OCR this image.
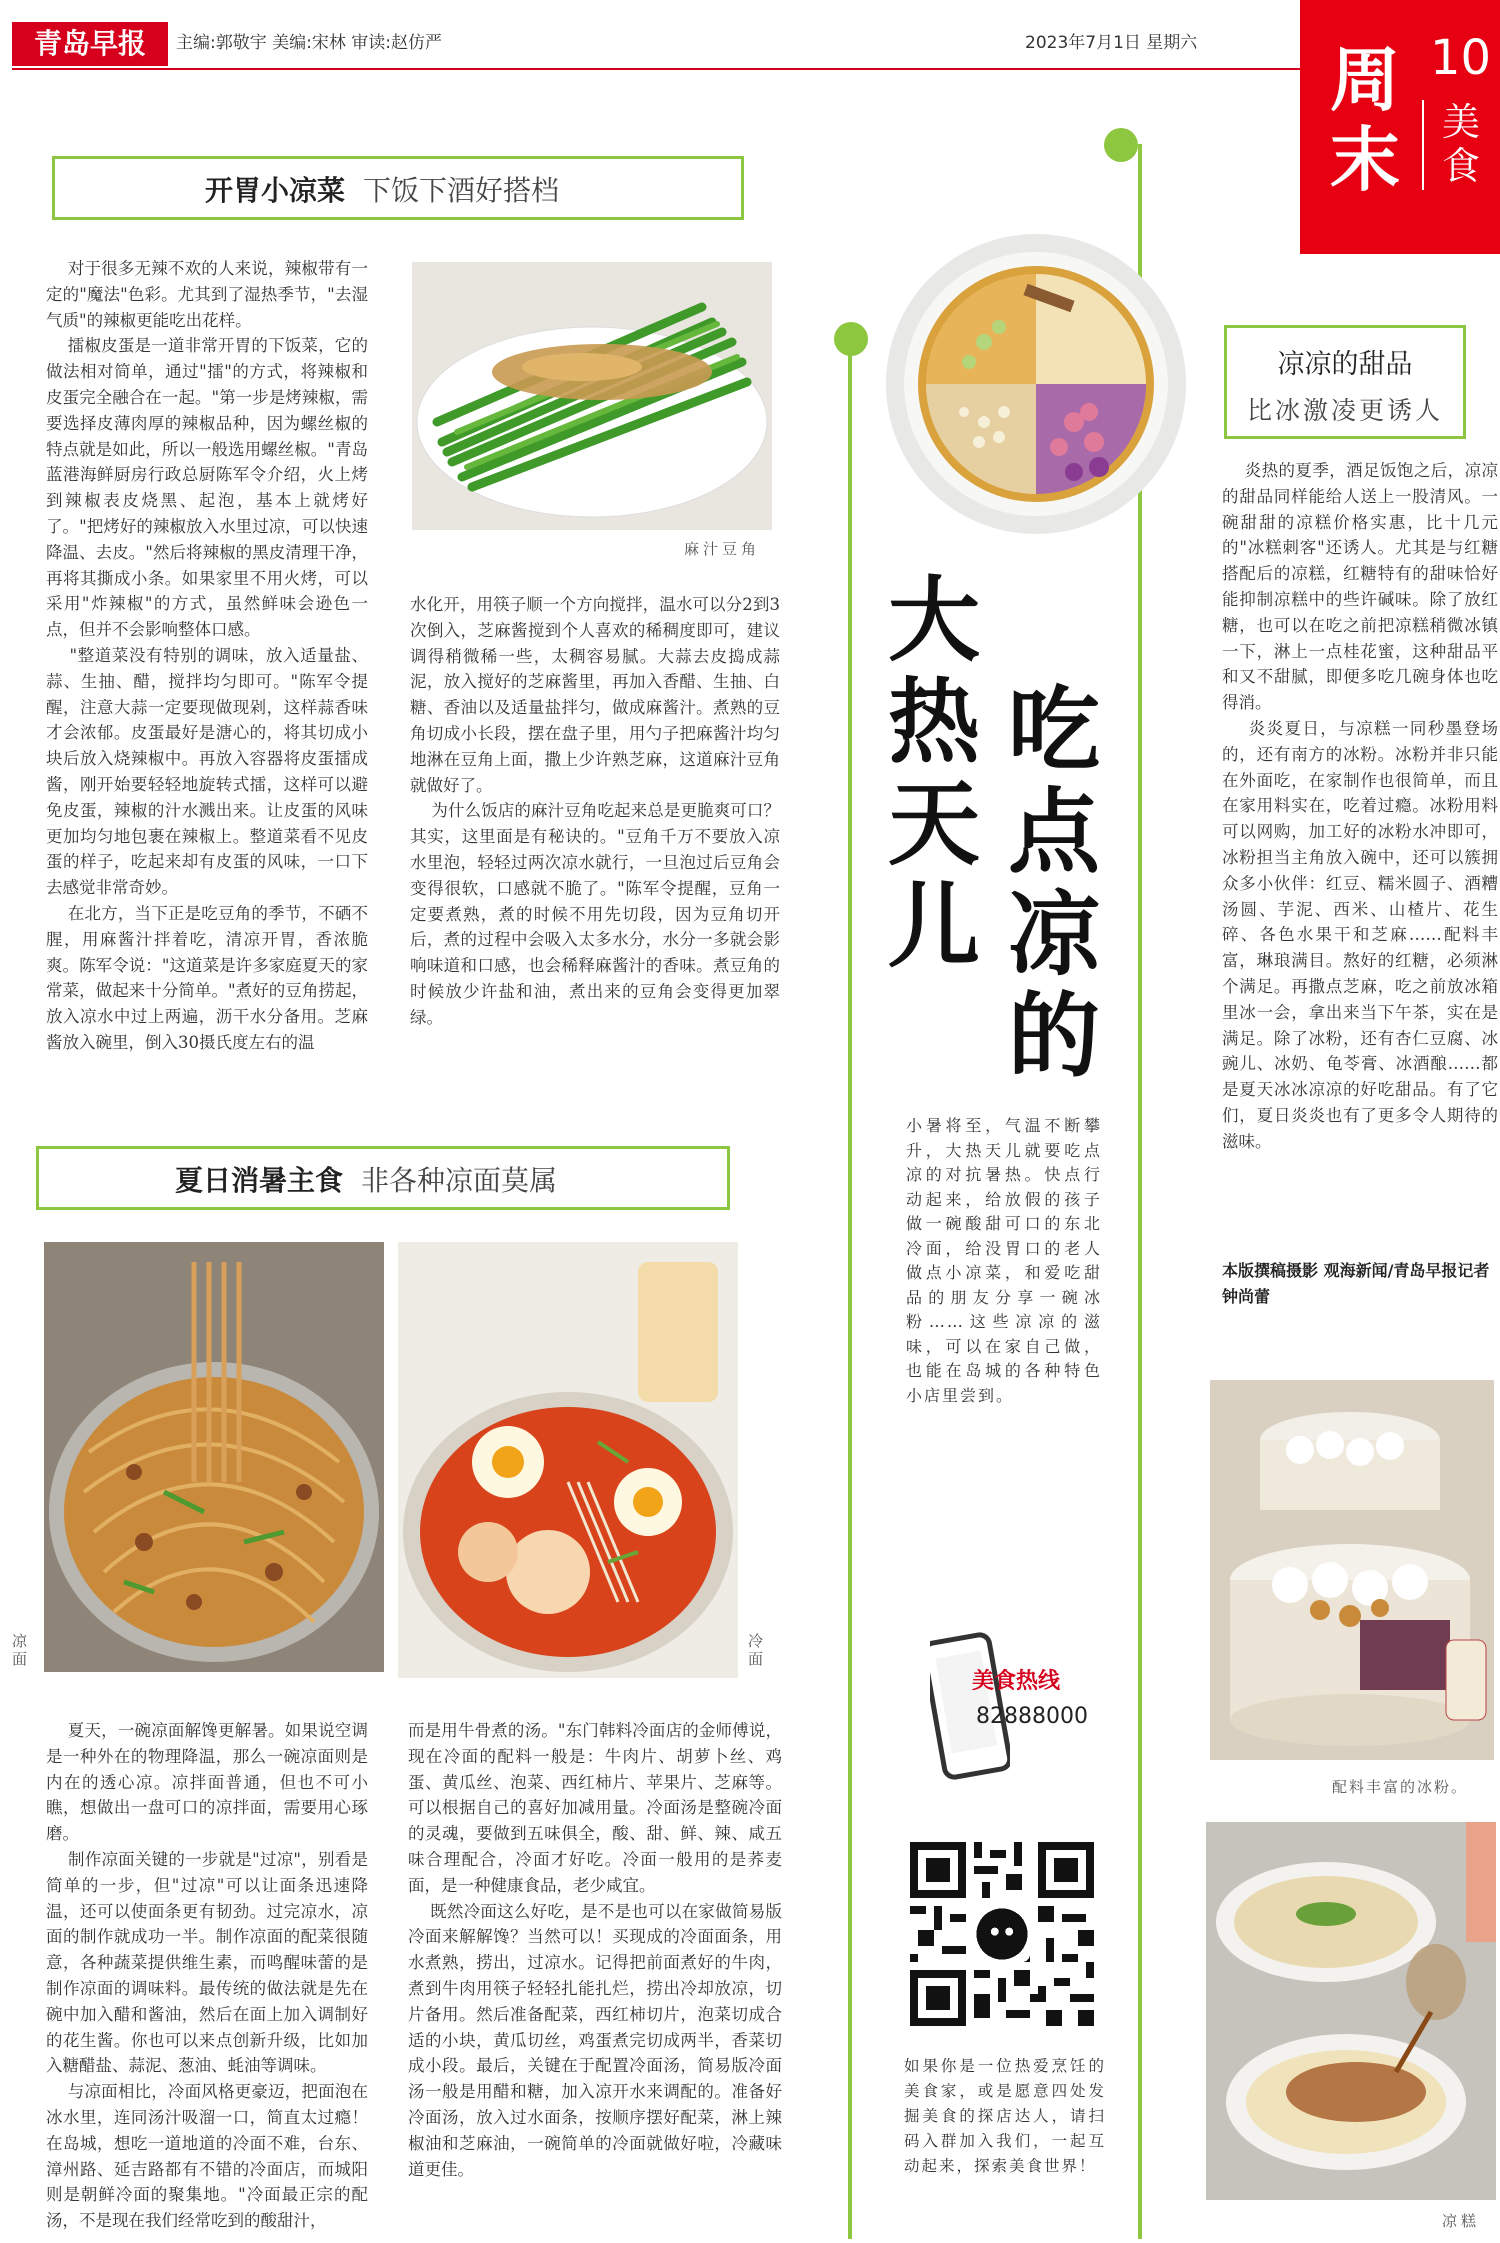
青岛早报	主编:郭敬宇 美编:宋林 审读:赵仿严	2023年7月1日 星期六 周末
10
美食
开胃小凉菜 下饭下酒好搭档
对于很多无辣不欢的人来说，辣椒带有一定的"魔法"色彩。尤其到了湿热季节，"去湿气质"的辣椒更能吃出花样。
擂椒皮蛋是一道非常开胃的下饭菜，它的做法相对简单，通过"擂"的方式，将辣椒和皮蛋完全融合在一起。"第一步是烤辣椒，需要选择皮薄肉厚的辣椒品种，因为螺丝椒的特点就是如此，所以一般选用螺丝椒。"青岛蓝港海鲜厨房行政总厨陈军令介绍，火上烤到辣椒表皮烧黑、起泡，基本上就烤好了。"把烤好的辣椒放入水里过凉，可以快速降温、去皮。"然后将辣椒的黑皮清理干净，再将其撕成小条。如果家里不用火烤，可以采用"炸辣椒"的方式，虽然鲜味会逊色一点，但并不会影响整体口感。
"整道菜没有特别的调味，放入适量盐、蒜、生抽、醋，搅拌均匀即可。"陈军令提醒，注意大蒜一定要现做现剁，这样蒜香味才会浓郁。皮蛋最好是溏心的，将其切成小块后放入烧辣椒中。再放入容器将皮蛋擂成酱，刚开始要轻轻地旋转式擂，这样可以避免皮蛋，辣椒的汁水溅出来。让皮蛋的风味更加均匀地包裹在辣椒上。整道菜看不见皮蛋的样子，吃起来却有皮蛋的风味，一口下去感觉非常奇妙。
在北方，当下正是吃豆角的季节，不硒不腥，用麻酱汁拌着吃，清凉开胃，香浓脆爽。陈军令说："这道菜是许多家庭夏天的家常菜，做起来十分简单。"煮好的豆角捞起，放入凉水中过上两遍，沥干水分备用。芝麻酱放入碗里，倒入30摄氏度左右的温
麻汁豆角
水化开，用筷子顺一个方向搅拌，温水可以分2到3次倒入，芝麻酱搅到个人喜欢的稀稠度即可，建议调得稍微稀一些，太稠容易腻。大蒜去皮捣成蒜泥，放入搅好的芝麻酱里，再加入香醋、生抽、白糖、香油以及适量盐拌匀，做成麻酱汁。煮熟的豆角切成小长段，摆在盘子里，用勺子把麻酱汁均匀地淋在豆角上面，撒上少许熟芝麻，这道麻汁豆角就做好了。
为什么饭店的麻汁豆角吃起来总是更脆爽可口？其实，这里面是有秘诀的。"豆角千万不要放入凉水里泡，轻轻过两次凉水就行，一旦泡过后豆角会变得很软，口感就不脆了。"陈军令提醒，豆角一定要煮熟，煮的时候不用先切段，因为豆角切开后，煮的过程中会吸入太多水分，水分一多就会影响味道和口感，也会稀释麻酱汁的香味。煮豆角的时候放少许盐和油，煮出来的豆角会变得更加翠绿。
夏日消暑主食 非各种凉面莫属
凉面
冷面
夏天，一碗凉面解馋更解暑。如果说空调是一种外在的物理降温，那么一碗凉面则是内在的透心凉。凉拌面普通，但也不可小瞧，想做出一盘可口的凉拌面，需要用心琢磨。
制作凉面关键的一步就是"过凉"，别看是简单的一步，但"过凉"可以让面条迅速降温，还可以使面条更有韧劲。过完凉水，凉面的制作就成功一半。制作凉面的配菜很随意，各种蔬菜提供维生素，而鸣醒味蕾的是制作凉面的调味料。最传统的做法就是先在碗中加入醋和酱油，然后在面上加入调制好的花生酱。你也可以来点创新升级，比如加入糖醋盐、蒜泥、葱油、蚝油等调味。
与凉面相比，冷面风格更豪迈，把面泡在冰水里，连同汤汁吸溜一口，简直太过瘾！在岛城，想吃一道地道的冷面不难，台东、漳州路、延吉路都有不错的冷面店，而城阳则是朝鲜冷面的聚集地。"冷面最正宗的配汤，不是现在我们经常吃到的酸甜汁，
而是用牛骨煮的汤。"东门韩料冷面店的金师傅说，现在冷面的配料一般是：牛肉片、胡萝卜丝、鸡蛋、黄瓜丝、泡菜、西红柿片、苹果片、芝麻等。可以根据自己的喜好加减用量。冷面汤是整碗冷面的灵魂，要做到五味俱全，酸、甜、鲜、辣、咸五味合理配合，冷面才好吃。冷面一般用的是荞麦面，是一种健康食品，老少咸宜。
既然冷面这么好吃，是不是也可以在家做简易版冷面来解解馋？当然可以！买现成的冷面面条，用水煮熟，捞出，过凉水。记得把前面煮好的牛肉，煮到牛肉用筷子轻轻扎能扎烂，捞出冷却放凉，切片备用。然后准备配菜，西红柿切片，泡菜切成合适的小块，黄瓜切丝，鸡蛋煮完切成两半，香菜切成小段。最后，关键在于配置冷面汤，简易版冷面汤一般是用醋和糖，加入凉开水来调配的。准备好冷面汤，放入过水面条，按顺序摆好配菜，淋上辣椒油和芝麻油，一碗简单的冷面就做好啦，冷藏味道更佳。
大热天儿
吃点凉的
小暑将至，气温不断攀升，大热天儿就要吃点凉的对抗暑热。快点行动起来，给放假的孩子做一碗酸甜可口的东北冷面，给没胃口的老人做点小凉菜，和爱吃甜品的朋友分享一碗冰粉……这些凉凉的滋味，可以在家自己做，也能在岛城的各种特色小店里尝到。
美食热线
82888000
如果你是一位热爱烹饪的美食家，或是愿意四处发掘美食的探店达人，请扫码入群加入我们，一起互动起来，探索美食世界！
凉凉的甜品
比冰激凌更诱人
炎热的夏季，酒足饭饱之后，凉凉的甜品同样能给人送上一股清风。一碗甜甜的凉糕价格实惠，比十几元的"冰糕刺客"还诱人。尤其是与红糖搭配后的凉糕，红糖特有的甜味恰好能抑制凉糕中的些许碱味。除了放红糖，也可以在吃之前把凉糕稍微冰镇一下，淋上一点桂花蜜，这种甜品平和又不甜腻，即便多吃几碗身体也吃得消。
炎炎夏日，与凉糕一同秒墨登场的，还有南方的冰粉。冰粉并非只能在外面吃，在家制作也很简单，而且在家用料实在，吃着过瘾。冰粉用料可以网购，加工好的冰粉水冲即可，冰粉担当主角放入碗中，还可以簇拥众多小伙伴：红豆、糯米圆子、酒糟汤圆、芋泥、西米、山楂片、花生碎、各色水果干和芝麻……配料丰富，琳琅满目。熬好的红糖，必须淋个满足。再撒点芝麻，吃之前放冰箱里冰一会，拿出来当下午茶，实在是满足。除了冰粉，还有杏仁豆腐、冰豌儿、冰奶、龟苓膏、冰酒酿……都是夏天冰冰凉凉的好吃甜品。有了它们，夏日炎炎也有了更多令人期待的滋味。
本版撰稿摄影 观海新闻/青岛早报记者 钟尚蕾
配料丰富的冰粉。
凉糕
